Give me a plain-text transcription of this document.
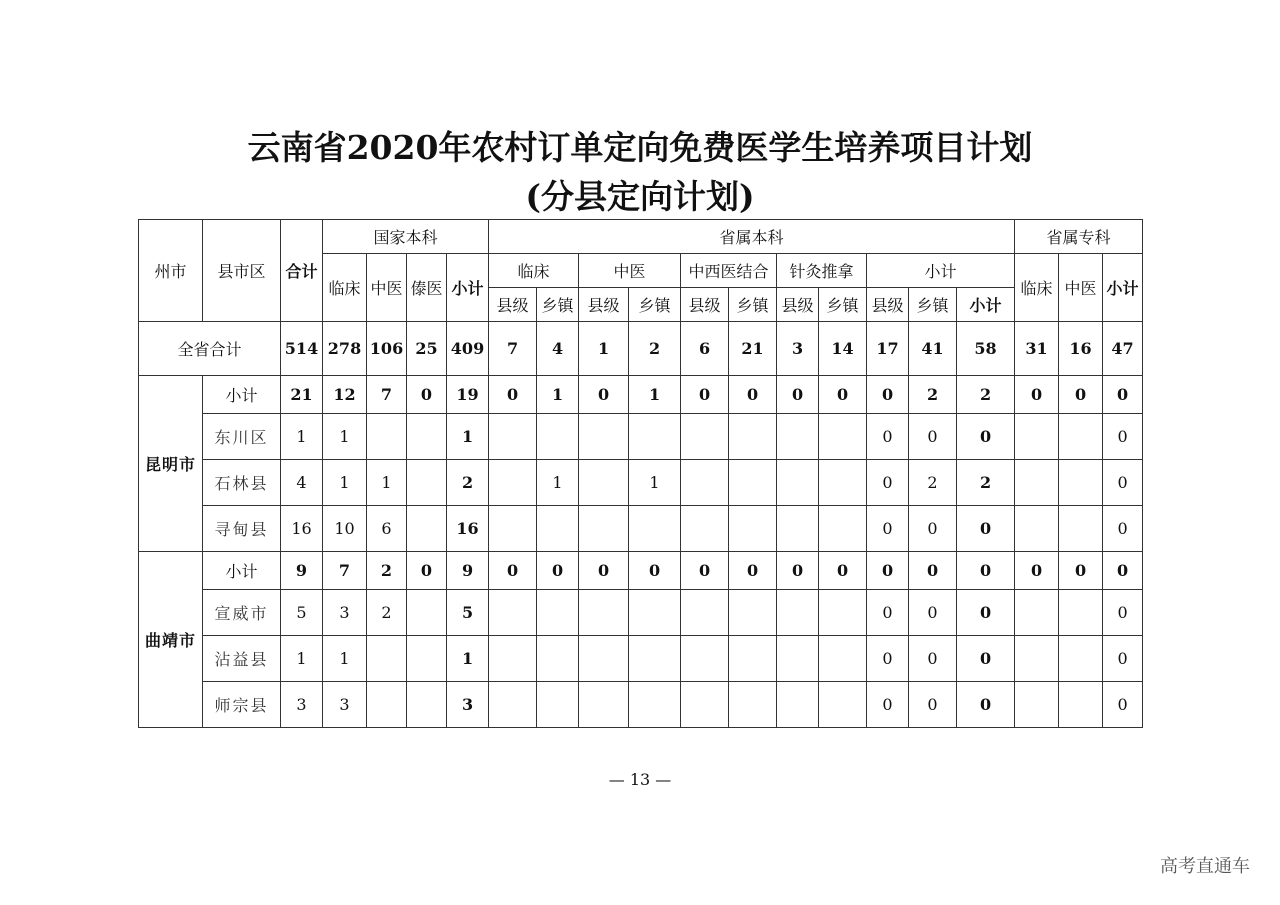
云南省2020年农村订单定向免费医学生培养项目计划
(分县定向计划)
州市	县市区	合计	国家本科				省属本科											省属专科		
			临床	中医	傣医	小计	临床		中医		中西医结合		针灸推拿		小计			临床	中医	小计
							县级	乡镇	县级	乡镇	县级	乡镇	县级	乡镇	县级	乡镇	小计			
全省合计		514	278	106	25	409	7	4	1	2	6	21	3	14	17	41	58	31	16	47
昆明市	小计	21	12	7	0	19	0	1	0	1	0	0	0	0	0	2	2	0	0	0
	东川区	1	1			1									0	0	0			0
	石林县	4	1	1		2		1		1					0	2	2			0
	寻甸县	16	10	6		16									0	0	0			0
曲靖市	小计	9	7	2	0	9	0	0	0	0	0	0	0	0	0	0	0	0	0	0
	宣威市	5	3	2		5									0	0	0			0
	沾益县	1	1			1									0	0	0			0
	师宗县	3	3			3									0	0	0			0
— 13 —
高考直通车
